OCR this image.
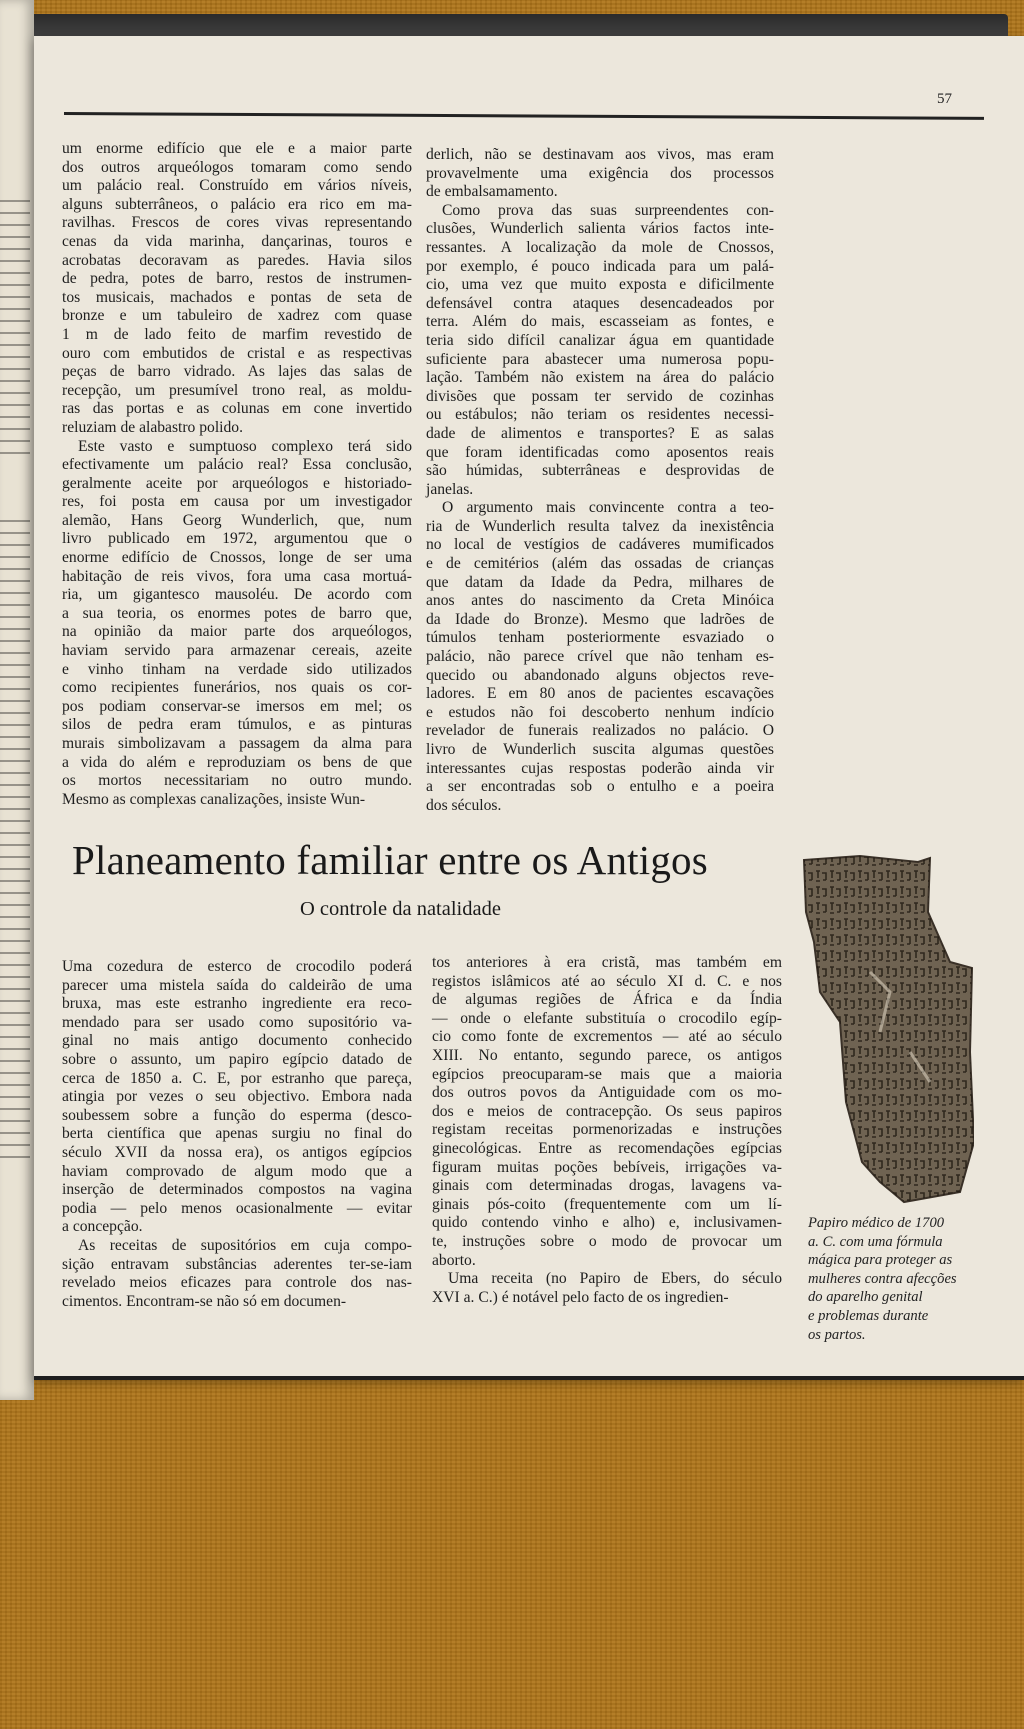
57
um enorme edifício que ele e a maior parte
dos outros arqueólogos tomaram como sendo
um palácio real. Construído em vários níveis,
alguns subterrâneos, o palácio era rico em ma-
ravilhas. Frescos de cores vivas representando
cenas da vida marinha, dançarinas, touros e
acrobatas decoravam as paredes. Havia silos
de pedra, potes de barro, restos de instrumen-
tos musicais, machados e pontas de seta de
bronze e um tabuleiro de xadrez com quase
1 m de lado feito de marfim revestido de
ouro com embutidos de cristal e as respectivas
peças de barro vidrado. As lajes das salas de
recepção, um presumível trono real, as moldu-
ras das portas e as colunas em cone invertido
reluziam de alabastro polido.
Este vasto e sumptuoso complexo terá sido
efectivamente um palácio real? Essa conclusão,
geralmente aceite por arqueólogos e historiado-
res, foi posta em causa por um investigador
alemão, Hans Georg Wunderlich, que, num
livro publicado em 1972, argumentou que o
enorme edifício de Cnossos, longe de ser uma
habitação de reis vivos, fora uma casa mortuá-
ria, um gigantesco mausoléu. De acordo com
a sua teoria, os enormes potes de barro que,
na opinião da maior parte dos arqueólogos,
haviam servido para armazenar cereais, azeite
e vinho tinham na verdade sido utilizados
como recipientes funerários, nos quais os cor-
pos podiam conservar-se imersos em mel; os
silos de pedra eram túmulos, e as pinturas
murais simbolizavam a passagem da alma para
a vida do além e reproduziam os bens de que
os mortos necessitariam no outro mundo.
Mesmo as complexas canalizações, insiste Wun-
derlich, não se destinavam aos vivos, mas eram
provavelmente uma exigência dos processos
de embalsamamento.
Como prova das suas surpreendentes con-
clusões, Wunderlich salienta vários factos inte-
ressantes. A localização da mole de Cnossos,
por exemplo, é pouco indicada para um palá-
cio, uma vez que muito exposta e dificilmente
defensável contra ataques desencadeados por
terra. Além do mais, escasseiam as fontes, e
teria sido difícil canalizar água em quantidade
suficiente para abastecer uma numerosa popu-
lação. Também não existem na área do palácio
divisões que possam ter servido de cozinhas
ou estábulos; não teriam os residentes necessi-
dade de alimentos e transportes? E as salas
que foram identificadas como aposentos reais
são húmidas, subterrâneas e desprovidas de
janelas.
O argumento mais convincente contra a teo-
ria de Wunderlich resulta talvez da inexistência
no local de vestígios de cadáveres mumificados
e de cemitérios (além das ossadas de crianças
que datam da Idade da Pedra, milhares de
anos antes do nascimento da Creta Minóica
da Idade do Bronze). Mesmo que ladrões de
túmulos tenham posteriormente esvaziado o
palácio, não parece crível que não tenham es-
quecido ou abandonado alguns objectos reve-
ladores. E em 80 anos de pacientes escavações
e estudos não foi descoberto nenhum indício
revelador de funerais realizados no palácio. O
livro de Wunderlich suscita algumas questões
interessantes cujas respostas poderão ainda vir
a ser encontradas sob o entulho e a poeira
dos séculos.
Planeamento familiar entre os Antigos
O controle da natalidade
Uma cozedura de esterco de crocodilo poderá
parecer uma mistela saída do caldeirão de uma
bruxa, mas este estranho ingrediente era reco-
mendado para ser usado como supositório va-
ginal no mais antigo documento conhecido
sobre o assunto, um papiro egípcio datado de
cerca de 1850 a. C. E, por estranho que pareça,
atingia por vezes o seu objectivo. Embora nada
soubessem sobre a função do esperma (desco-
berta científica que apenas surgiu no final do
século XVII da nossa era), os antigos egípcios
haviam comprovado de algum modo que a
inserção de determinados compostos na vagina
podia — pelo menos ocasionalmente — evitar
a concepção.
As receitas de supositórios em cuja compo-
sição entravam substâncias aderentes ter-se-iam
revelado meios eficazes para controle dos nas-
cimentos. Encontram-se não só em documen-
tos anteriores à era cristã, mas também em
registos islâmicos até ao século XI d. C. e nos
de algumas regiões de África e da Índia
— onde o elefante substituía o crocodilo egíp-
cio como fonte de excrementos — até ao século
XIII. No entanto, segundo parece, os antigos
egípcios preocuparam-se mais que a maioria
dos outros povos da Antiguidade com os mo-
dos e meios de contracepção. Os seus papiros
registam receitas pormenorizadas e instruções
ginecológicas. Entre as recomendações egípcias
figuram muitas poções bebíveis, irrigações va-
ginais com determinadas drogas, lavagens va-
ginais pós-coito (frequentemente com um lí-
quido contendo vinho e alho) e, inclusivamen-
te, instruções sobre o modo de provocar um
aborto.
Uma receita (no Papiro de Ebers, do século
XVI a. C.) é notável pelo facto de os ingredien-
Papiro médico de 1700
a. C. com uma fórmula
mágica para proteger as
mulheres contra afecções
do aparelho genital
e problemas durante
os partos.
